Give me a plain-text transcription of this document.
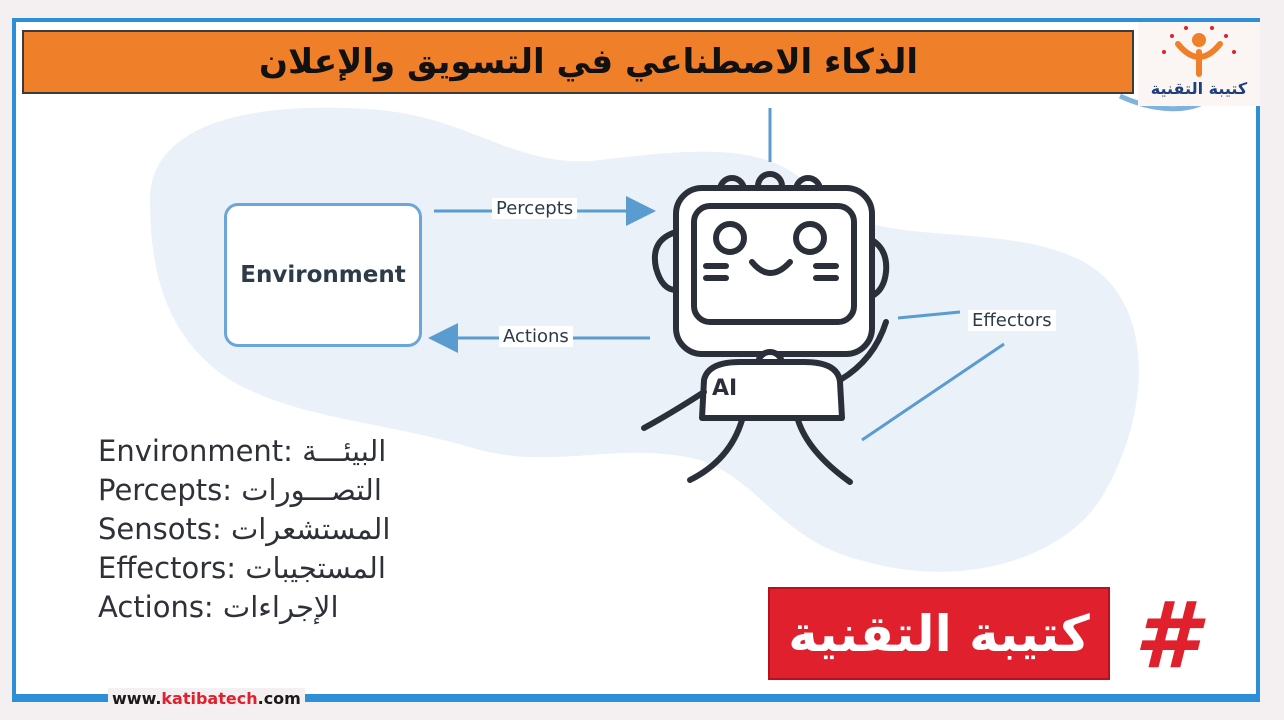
الذكاء الاصطناعي في التسويق والإعلان
كتيبة التقنية
Environment
Percepts
Actions
Effectors
AI
Environment: البيئـــة
Percepts: التصـــورات
Sensots: المستشعرات
Effectors: المستجيبات
Actions: الإجراءات	كتيبة التقنية #
www.katibatech.com
